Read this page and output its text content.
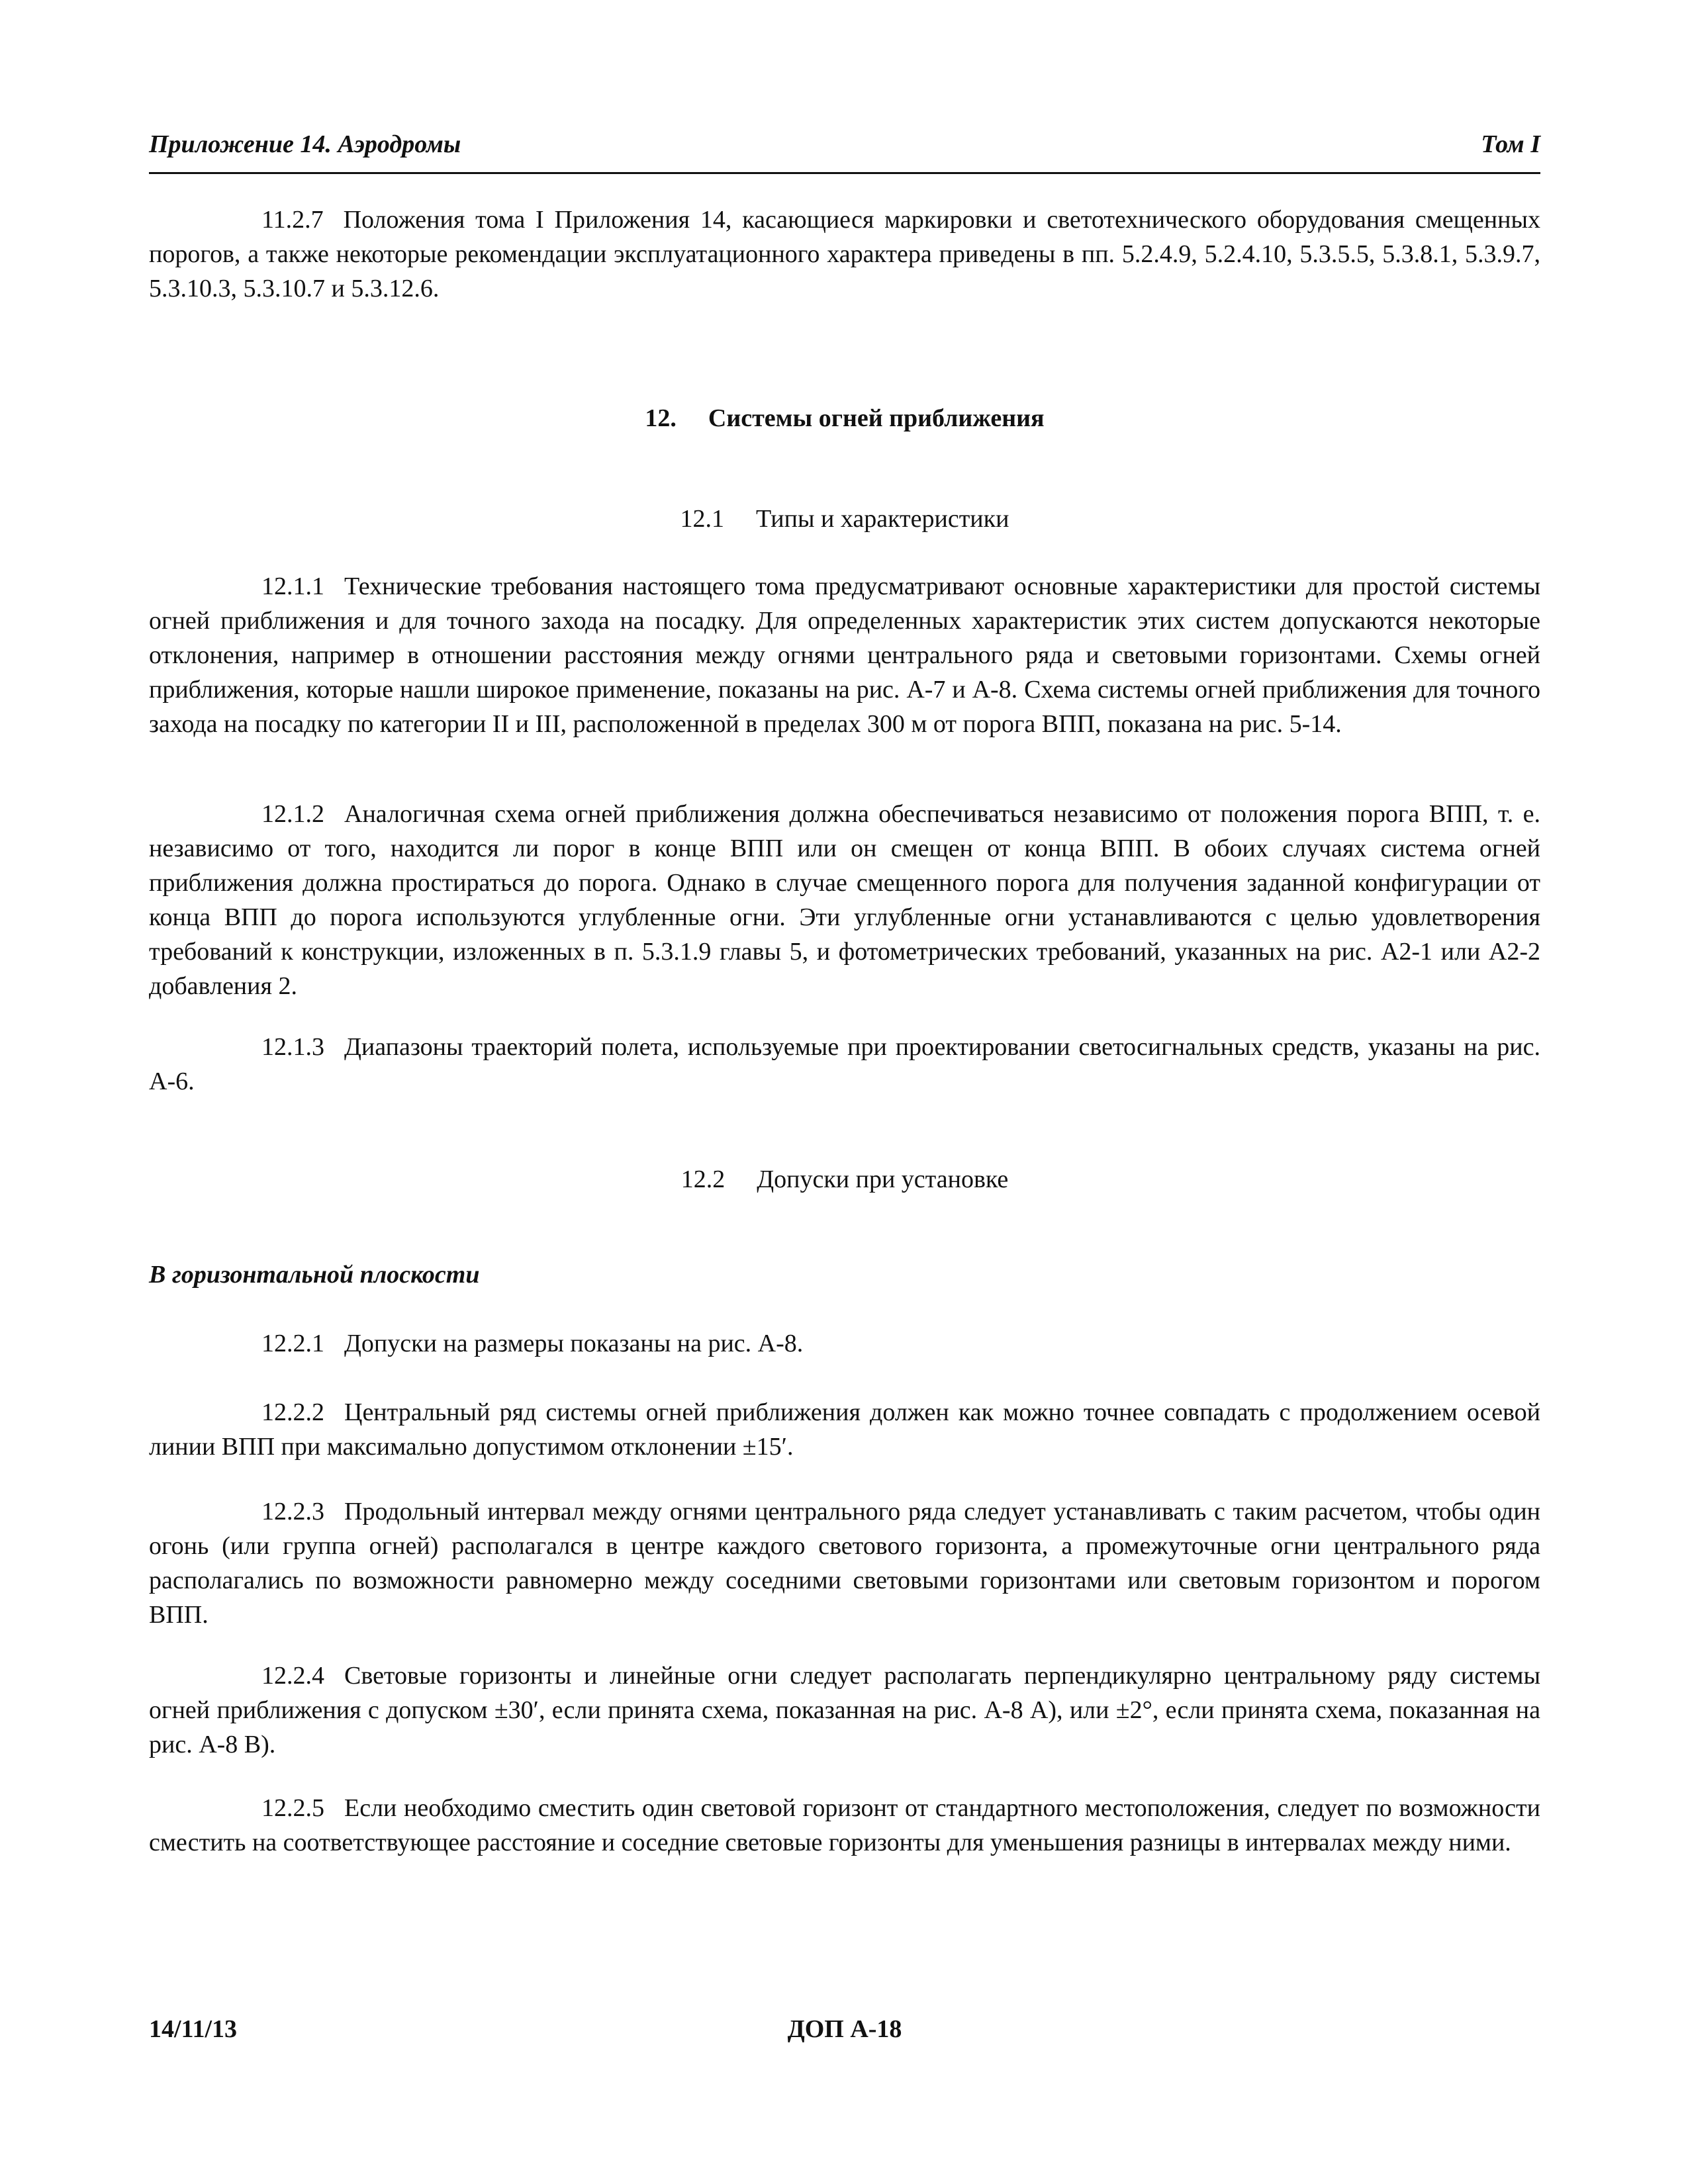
Приложение 14. Аэродромы	Том I
11.2.7 Положения тома I Приложения 14, касающиеся маркировки и светотехнического оборудования смещенных порогов, а также некоторые рекомендации эксплуатационного характера приведены в пп. 5.2.4.9, 5.2.4.10, 5.3.5.5, 5.3.8.1, 5.3.9.7, 5.3.10.3, 5.3.10.7 и 5.3.12.6.
12. Системы огней приближения
12.1 Типы и характеристики
12.1.1 Технические требования настоящего тома предусматривают основные характеристики для простой системы огней приближения и для точного захода на посадку. Для определенных характеристик этих систем допускаются некоторые отклонения, например в отношении расстояния между огнями центрального ряда и световыми горизонтами. Схемы огней приближения, которые нашли широкое применение, показаны на рис. А-7 и А-8. Схема системы огней приближения для точного захода на посадку по категории II и III, расположенной в пределах 300 м от порога ВПП, показана на рис. 5-14.
12.1.2 Аналогичная схема огней приближения должна обеспечиваться независимо от положения порога ВПП, т. е. независимо от того, находится ли порог в конце ВПП или он смещен от конца ВПП. В обоих случаях система огней приближения должна простираться до порога. Однако в случае смещенного порога для получения заданной конфигурации от конца ВПП до порога используются углубленные огни. Эти углубленные огни устанавливаются с целью удовлетворения требований к конструкции, изложенных в п. 5.3.1.9 главы 5, и фотометрических требований, указанных на рис. А2-1 или А2-2 добавления 2.
12.1.3 Диапазоны траекторий полета, используемые при проектировании светосигнальных средств, указаны на рис. А-6.
12.2 Допуски при установке
В горизонтальной плоскости
12.2.1 Допуски на размеры показаны на рис. А-8.
12.2.2 Центральный ряд системы огней приближения должен как можно точнее совпадать с продолжением осевой линии ВПП при максимально допустимом отклонении ±15′.
12.2.3 Продольный интервал между огнями центрального ряда следует устанавливать с таким расчетом, чтобы один огонь (или группа огней) располагался в центре каждого светового горизонта, а промежуточные огни центрального ряда располагались по возможности равномерно между соседними световыми горизонтами или световым горизонтом и порогом ВПП.
12.2.4 Световые горизонты и линейные огни следует располагать перпендикулярно центральному ряду системы огней приближения с допуском ±30′, если принята схема, показанная на рис. А-8 А), или ±2°, если принята схема, показанная на рис. А-8 В).
12.2.5 Если необходимо сместить один световой горизонт от стандартного местоположения, следует по возможности сместить на соответствующее расстояние и соседние световые горизонты для уменьшения разницы в интервалах между ними.
14/11/13	ДОП А-18
